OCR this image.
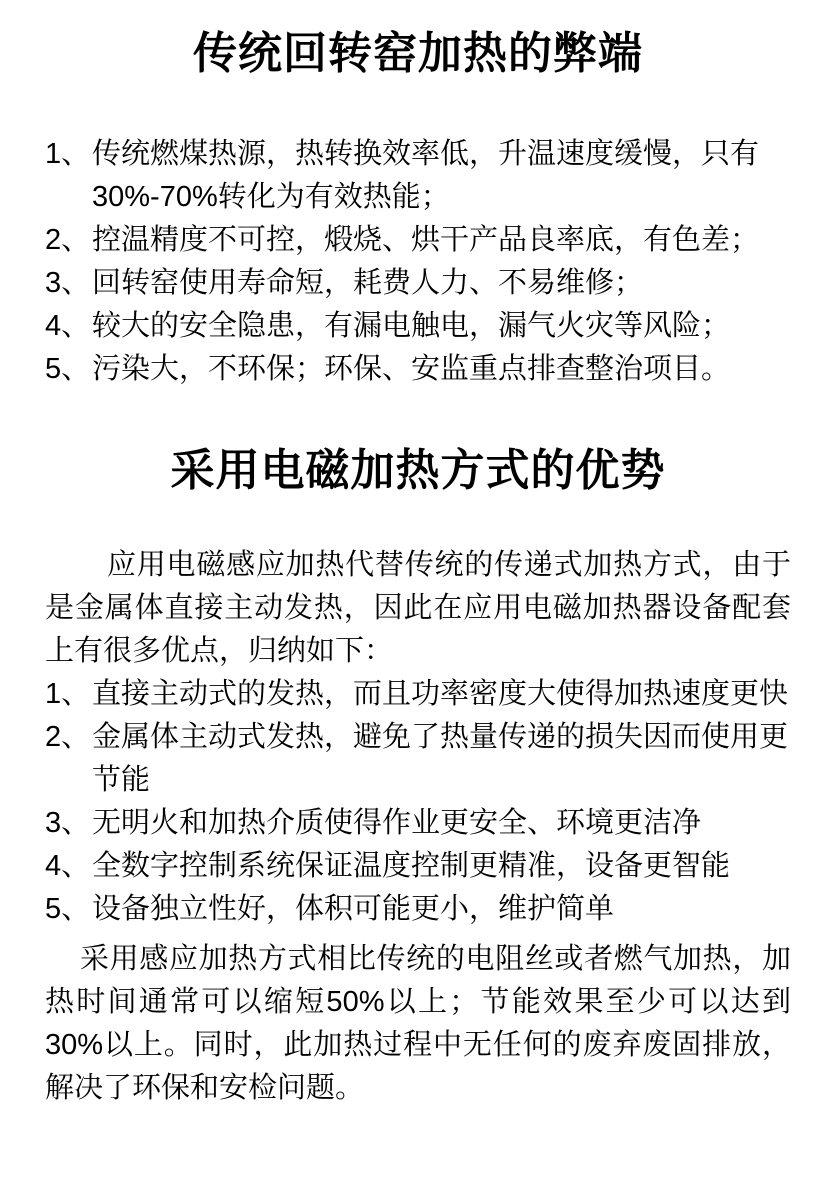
传统回转窑加热的弊端
1、 传统燃煤热源，热转换效率低，升温速度缓慢，只有30%-70%转化为有效热能；
2、 控温精度不可控，煅烧、烘干产品良率底，有色差；
3、 回转窑使用寿命短，耗费人力、不易维修；
4、 较大的安全隐患，有漏电触电，漏气火灾等风险；
5、 污染大，不环保；环保、安监重点排查整治项目。
采用电磁加热方式的优势

应用电磁感应加热代替传统的传递式加热方式，由于是金属体直接主动发热，因此在应用电磁加热器设备配套上有很多优点，归纳如下：

1、 直接主动式的发热，而且功率密度大使得加热速度更快
2、 金属体主动式发热，避免了热量传递的损失因而使用更节能
3、 无明火和加热介质使得作业更安全、环境更洁净
4、 全数字控制系统保证温度控制更精准，设备更智能
5、 设备独立性好，体积可能更小，维护简单

采用感应加热方式相比传统的电阻丝或者燃气加热，加热时间通常可以缩短50%以上；节能效果至少可以达到30%以上。同时，此加热过程中无任何的废弃废固排放，解决了环保和安检问题。
